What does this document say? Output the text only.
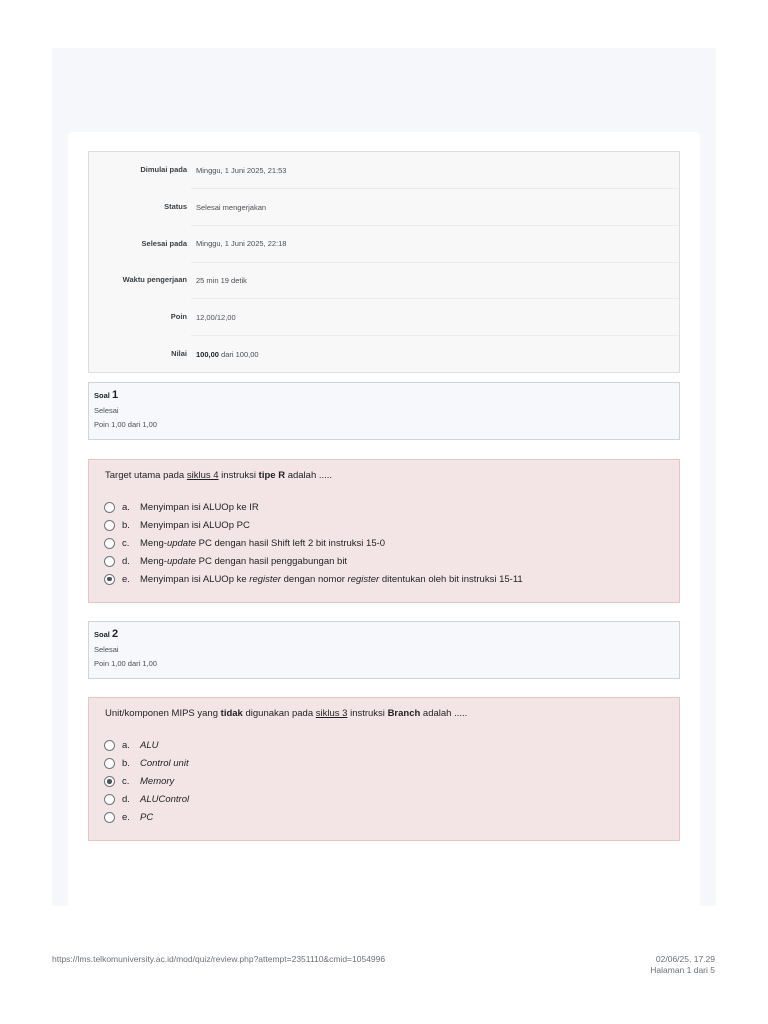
Dimulai pada	Minggu, 1 Juni 2025, 21:53
Status	Selesai mengerjakan
Selesai pada	Minggu, 1 Juni 2025, 22:18
Waktu pengerjaan	25 min 19 detik
Poin	12,00/12,00
Nilai	100,00 dari 100,00
Soal 1
Selesai
Poin 1,00 dari 1,00
Target utama pada siklus 4 instruksi tipe R adalah .....
a.	Menyimpan isi ALUOp ke IR
b.	Menyimpan isi ALUOp PC
c.	Meng-update PC dengan hasil Shift left 2 bit instruksi 15-0
d.	Meng-update PC dengan hasil penggabungan bit
e.	Menyimpan isi ALUOp ke register dengan nomor register ditentukan oleh bit instruksi 15-11
Soal 2
Selesai
Poin 1,00 dari 1,00
Unit/komponen MIPS yang tidak digunakan pada siklus 3 instruksi Branch adalah .....
a.	ALU
b.	Control unit
c.	Memory
d.	ALUControl
e.	PC
https://lms.telkomuniversity.ac.id/mod/quiz/review.php?attempt=2351110&cmid=1054996	02/06/25, 17.29
Halaman 1 dari 5
